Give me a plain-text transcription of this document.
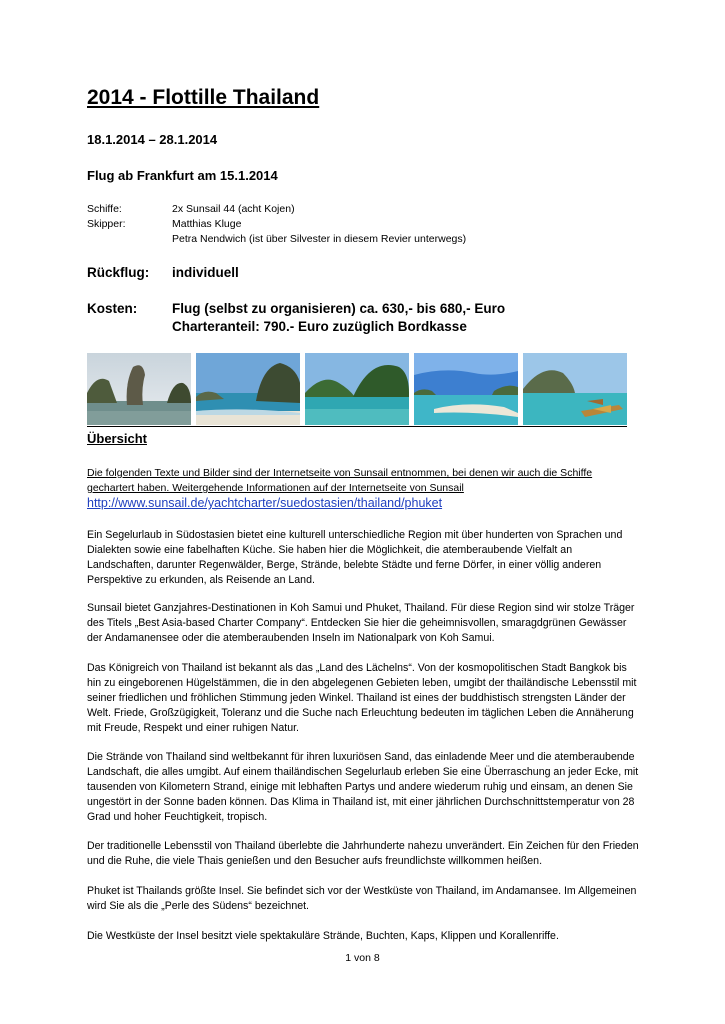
2014 - Flottille Thailand
18.1.2014 – 28.1.2014
Flug ab Frankfurt am 15.1.2014
Schiffe:	2x Sunsail 44 (acht Kojen)
Skipper:	Matthias Kluge
Petra Nendwich (ist über Silvester in diesem Revier unterwegs)
Rückflug: individuell
Kosten:	Flug (selbst zu organisieren) ca. 630,- bis 680,- Euro
Charteranteil: 790.- Euro zuzüglich Bordkasse
Übersicht
Die folgenden Texte und Bilder sind der Internetseite von Sunsail entnommen, bei denen wir auch die Schiffe
gechartert haben. Weitergehende Informationen auf der Internetseite von Sunsail
http://www.sunsail.de/yachtcharter/suedostasien/thailand/phuket
Ein Segelurlaub in Südostasien bietet eine kulturell unterschiedliche Region mit über hunderten von Sprachen und Dialekten sowie eine fabelhaften Küche. Sie haben hier die Möglichkeit, die atemberaubende Vielfalt an Landschaften, darunter Regenwälder, Berge, Strände, belebte Städte und ferne Dörfer, in einer völlig anderen Perspektive zu erkunden, als Reisende an Land.
Sunsail bietet Ganzjahres-Destinationen in Koh Samui und Phuket, Thailand. Für diese Region sind wir stolze Träger des Titels „Best Asia-based Charter Company“. Entdecken Sie hier die geheimnisvollen, smaragdgrünen Gewässer der Andamanensee oder die atemberaubenden Inseln im Nationalpark von Koh Samui.
Das Königreich von Thailand ist bekannt als das „Land des Lächelns“. Von der kosmopolitischen Stadt Bangkok bis hin zu eingeborenen Hügelstämmen, die in den abgelegenen Gebieten leben, umgibt der thailändische Lebensstil mit seiner friedlichen und fröhlichen Stimmung jeden Winkel. Thailand ist eines der buddhistisch strengsten Länder der Welt. Friede, Großzügigkeit, Toleranz und die Suche nach Erleuchtung bedeuten im täglichen Leben die Annäherung mit Freude, Respekt und einer ruhigen Natur.
Die Strände von Thailand sind weltbekannt für ihren luxuriösen Sand, das einladende Meer und die atemberaubende Landschaft, die alles umgibt. Auf einem thailändischen Segelurlaub erleben Sie eine Überraschung an jeder Ecke, mit tausenden von Kilometern Strand, einige mit lebhaften Partys und andere wiederum ruhig und einsam, an denen Sie ungestört in der Sonne baden können. Das Klima in Thailand ist, mit einer jährlichen Durchschnittstemperatur von 28 Grad und hoher Feuchtigkeit, tropisch.
Der traditionelle Lebensstil von Thailand überlebte die Jahrhunderte nahezu unverändert. Ein Zeichen für den Frieden und die Ruhe, die viele Thais genießen und den Besucher aufs freundlichste willkommen heißen.
Phuket ist Thailands größte Insel. Sie befindet sich vor der Westküste von Thailand, im Andamansee. Im Allgemeinen wird Sie als die „Perle des Südens“ bezeichnet.
Die Westküste der Insel besitzt viele spektakuläre Strände, Buchten, Kaps, Klippen und Korallenriffe.
1 von 8
